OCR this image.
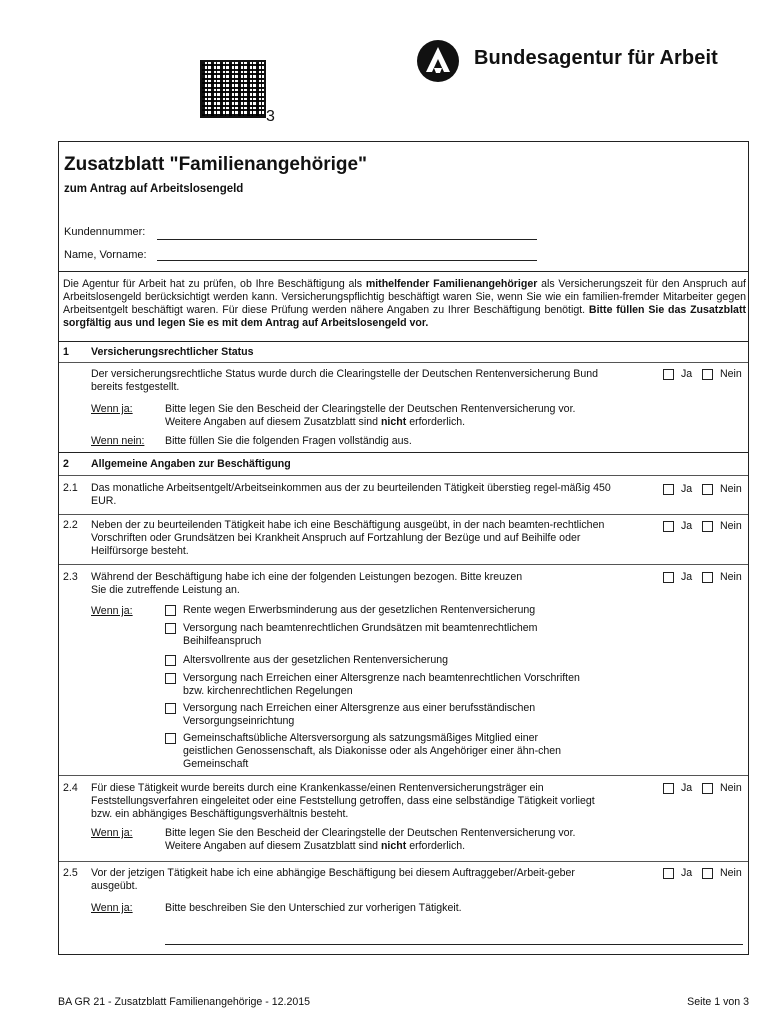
3
Bundesagentur für Arbeit
Zusatzblatt "Familienangehörige"
zum Antrag auf Arbeitslosengeld
Kundennummer:
Name, Vorname:
Die Agentur für Arbeit hat zu prüfen, ob Ihre Beschäftigung als mithelfender Familienangehöriger als Versicherungszeit für den Anspruch auf Arbeitslosengeld berücksichtigt werden kann. Versicherungspflichtig beschäftigt waren Sie, wenn Sie wie ein familien-fremder Mitarbeiter gegen Arbeitsentgelt beschäftigt waren. Für diese Prüfung werden nähere Angaben zu Ihrer Beschäftigung benötigt. Bitte füllen Sie das Zusatzblatt sorgfältig aus und legen Sie es mit dem Antrag auf Arbeitslosengeld vor.
1 Versicherungsrechtlicher Status
Der versicherungsrechtliche Status wurde durch die Clearingstelle der Deutschen Rentenversicherung Bund bereits festgestellt.
Ja	Nein
Wenn ja:	Bitte legen Sie den Bescheid der Clearingstelle der Deutschen Rentenversicherung vor.
Weitere Angaben auf diesem Zusatzblatt sind nicht erforderlich.
Wenn nein: Bitte füllen Sie die folgenden Fragen vollständig aus.
2 Allgemeine Angaben zur Beschäftigung
2.1 Das monatliche Arbeitsentgelt/Arbeitseinkommen aus der zu beurteilenden Tätigkeit überstieg regel-mäßig 450 EUR.
Ja	Nein
2.2 Neben der zu beurteilenden Tätigkeit habe ich eine Beschäftigung ausgeübt, in der nach beamten-rechtlichen Vorschriften oder Grundsätzen bei Krankheit Anspruch auf Fortzahlung der Bezüge und auf Beihilfe oder Heilfürsorge besteht.
Ja	Nein
2.3 Während der Beschäftigung habe ich eine der folgenden Leistungen bezogen. Bitte kreuzen Sie die zutreffende Leistung an.
Ja	Nein
Wenn ja:	Rente wegen Erwerbsminderung aus der gesetzlichen Rentenversicherung
Versorgung nach beamtenrechtlichen Grundsätzen mit beamtenrechtlichem Beihilfeanspruch
Altersvollrente aus der gesetzlichen Rentenversicherung
Versorgung nach Erreichen einer Altersgrenze nach beamtenrechtlichen Vorschriften bzw. kirchenrechtlichen Regelungen
Versorgung nach Erreichen einer Altersgrenze aus einer berufsständischen Versorgungseinrichtung
Gemeinschaftsübliche Altersversorgung als satzungsmäßiges Mitglied einer geistlichen Genossenschaft, als Diakonisse oder als Angehöriger einer ähn-chen Gemeinschaft
2.4 Für diese Tätigkeit wurde bereits durch eine Krankenkasse/einen Rentenversicherungsträger ein Feststellungsverfahren eingeleitet oder eine Feststellung getroffen, dass eine selbständige Tätigkeit vorliegt bzw. ein abhängiges Beschäftigungsverhältnis besteht.
Ja	Nein
Wenn ja:	Bitte legen Sie den Bescheid der Clearingstelle der Deutschen Rentenversicherung vor.
Weitere Angaben auf diesem Zusatzblatt sind nicht erforderlich.
2.5 Vor der jetzigen Tätigkeit habe ich eine abhängige Beschäftigung bei diesem Auftraggeber/Arbeit-geber ausgeübt.
Ja	Nein
Wenn ja:	Bitte beschreiben Sie den Unterschied zur vorherigen Tätigkeit.
BA GR 21 - Zusatzblatt Familienangehörige - 12.2015	Seite 1 von 3
